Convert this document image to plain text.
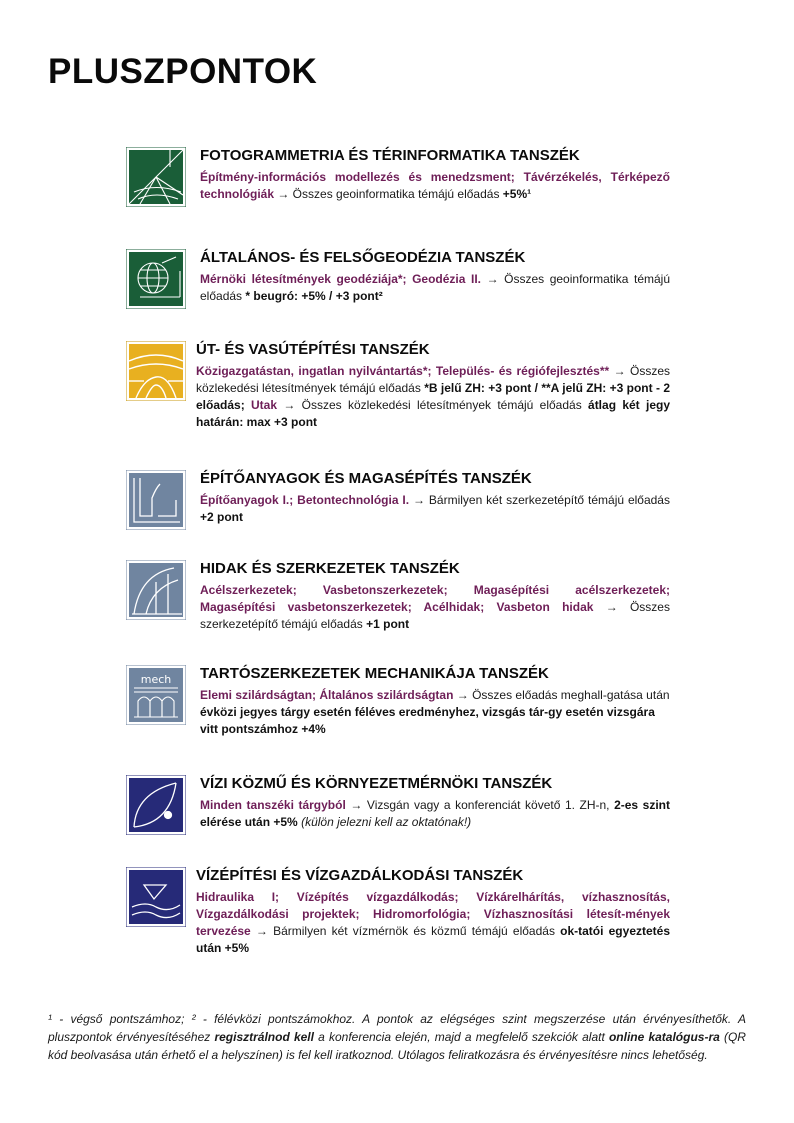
PLUSZPONTOK
FOTOGRAMMETRIA ÉS TÉRINFORMATIKA TANSZÉK
Építmény-információs modellezés és menedzsment; Távérzékelés, Térképező technológiák → Összes geoinformatika témájú előadás +5%¹
ÁLTALÁNOS- ÉS FELSŐGEODÉZIA TANSZÉK
Mérnöki létesítmények geodéziája*; Geodézia II. → Összes geoinformatika témájú előadás * beugró: +5% / +3 pont²
ÚT- ÉS VASÚTÉPÍTÉSI TANSZÉK
Közigazgatástan, ingatlan nyilvántartás*; Település- és régiófejlesztés** → Összes közlekedési létesítmények témájú előadás *B jelű ZH: +3 pont / **A jelű ZH: +3 pont - 2 előadás; Utak → Összes közlekedési létesítmények témájú előadás átlag két jegy határán: max +3 pont
ÉPÍTŐANYAGOK ÉS MAGASÉPÍTÉS TANSZÉK
Építőanyagok I.; Betontechnológia I. → Bármilyen két szerkezetépítő témájú előadás +2 pont
HIDAK ÉS SZERKEZETEK TANSZÉK
Acélszerkezetek; Vasbetonszerkezetek; Magasépítési acélszerkezetek; Magasépítési vasbetonszerkezetek; Acélhidak; Vasbeton hidak → Összes szerkezetépítő témájú előadás +1 pont
mech TARTÓSZERKEZETEK MECHANIKÁJA TANSZÉK
Elemi szilárdságtan; Általános szilárdságtan → Összes előadás meghall-gatása után évközi jegyes tárgy esetén féléves eredményhez, vizsgás tár-gy esetén vizsgára vitt pontszámhoz +4%
VÍZI KÖZMŰ ÉS KÖRNYEZETMÉRNÖKI TANSZÉK
Minden tanszéki tárgyból → Vizsgán vagy a konferenciát követő 1. ZH-n, 2-es szint elérése után +5% (külön jelezni kell az oktatónak!)
VÍZÉPÍTÉSI ÉS VÍZGAZDÁLKODÁSI TANSZÉK
Hidraulika I; Vízépítés vízgazdálkodás; Vízkárelhárítás, vízhasznosítás, Vízgazdálkodási projektek; Hidromorfológia; Vízhasznosítási létesít-mények tervezése → Bármilyen két vízmérnök és közmű témájú előadás ok-tatói egyeztetés után +5%
¹ - végső pontszámhoz; ² - félévközi pontszámokhoz. A pontok az elégséges szint megszerzése után érvényesíthetők. A pluszpontok érvényesítéséhez regisztrálnod kell a konferencia elején, majd a megfelelő szekciók alatt online katalógus-ra (QR kód beolvasása után érhető el a helyszínen) is fel kell iratkoznod. Utólagos feliratkozásra és érvényesítésre nincs lehetőség.
